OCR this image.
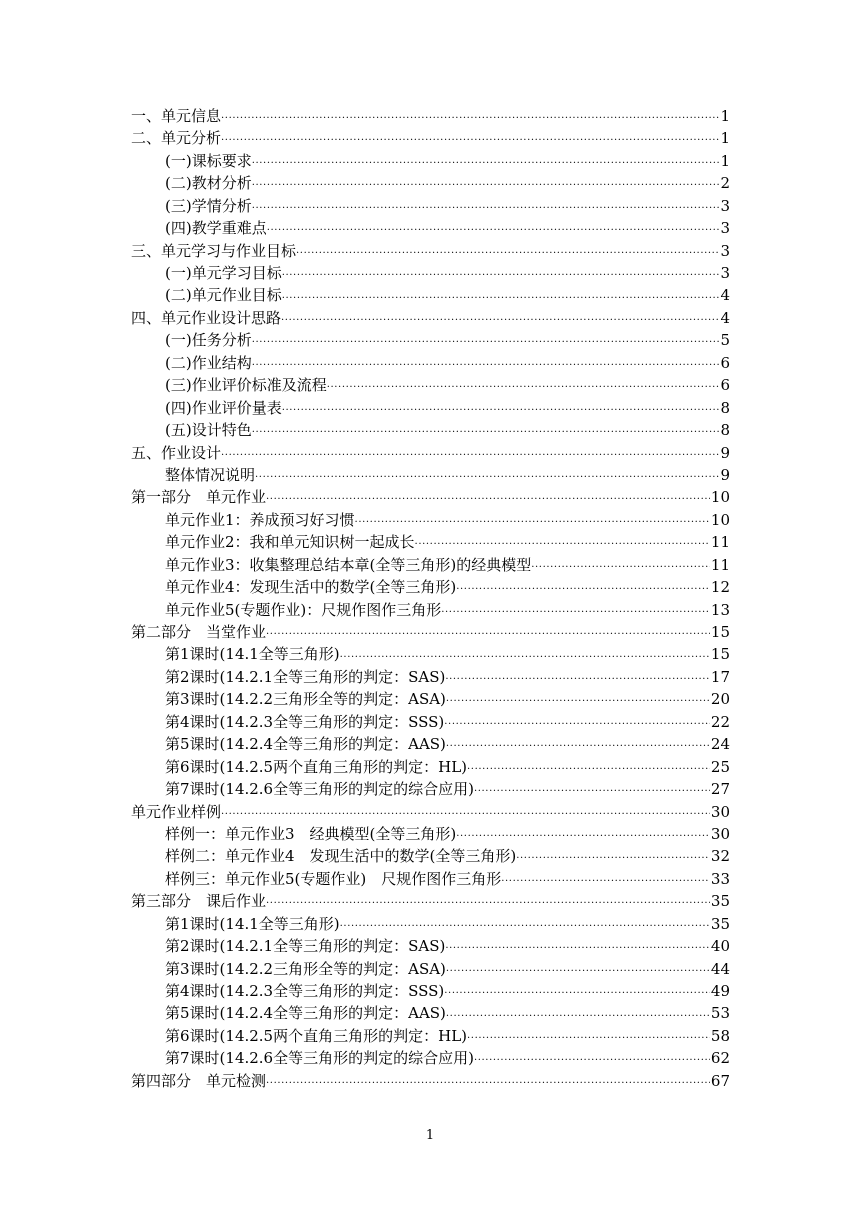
一、单元信息 .....	1
二、单元分析 .....	1
(一)课标要求 .....	1
(二)教材分析 .....	2
(三)学情分析 .....	3
(四)教学重难点 .....	3
三、单元学习与作业目标 .....	3
(一)单元学习目标 .....	3
(二)单元作业目标 .....	4
四、单元作业设计思路 .....	4
(一)任务分析 .....	5
(二)作业结构 .....	6
(三)作业评价标准及流程 .....	6
(四)作业评价量表 .....	8
(五)设计特色 .....	8
五、作业设计 .....	9
整体情况说明 .....	9
第一部分　单元作业 .....	10
单元作业1：养成预习好习惯 .....	10
单元作业2：我和单元知识树一起成长 .....	11
单元作业3：收集整理总结本章(全等三角形)的经典模型 .....	11
单元作业4：发现生活中的数学(全等三角形) .....	12
单元作业5(专题作业)：尺规作图作三角形 .....	13
第二部分　当堂作业 .....	15
第1课时(14.1全等三角形) .....	15
第2课时(14.2.1全等三角形的判定：SAS) .....	17
第3课时(14.2.2三角形全等的判定：ASA) .....	20
第4课时(14.2.3全等三角形的判定：SSS) .....	22
第5课时(14.2.4全等三角形的判定：AAS) .....	24
第6课时(14.2.5两个直角三角形的判定：HL) .....	25
第7课时(14.2.6全等三角形的判定的综合应用) .....	27
单元作业样例 .....	30
样例一：单元作业3　经典模型(全等三角形) .....	30
样例二：单元作业4　发现生活中的数学(全等三角形) .....	32
样例三：单元作业5(专题作业)　尺规作图作三角形 .....	33
第三部分　课后作业 .....	35
第1课时(14.1全等三角形) .....	35
第2课时(14.2.1全等三角形的判定：SAS) .....	40
第3课时(14.2.2三角形全等的判定：ASA) .....	44
第4课时(14.2.3全等三角形的判定：SSS) .....	49
第5课时(14.2.4全等三角形的判定：AAS) .....	53
第6课时(14.2.5两个直角三角形的判定：HL) .....	58
第7课时(14.2.6全等三角形的判定的综合应用) .....	62
第四部分　单元检测 .....	67
1
